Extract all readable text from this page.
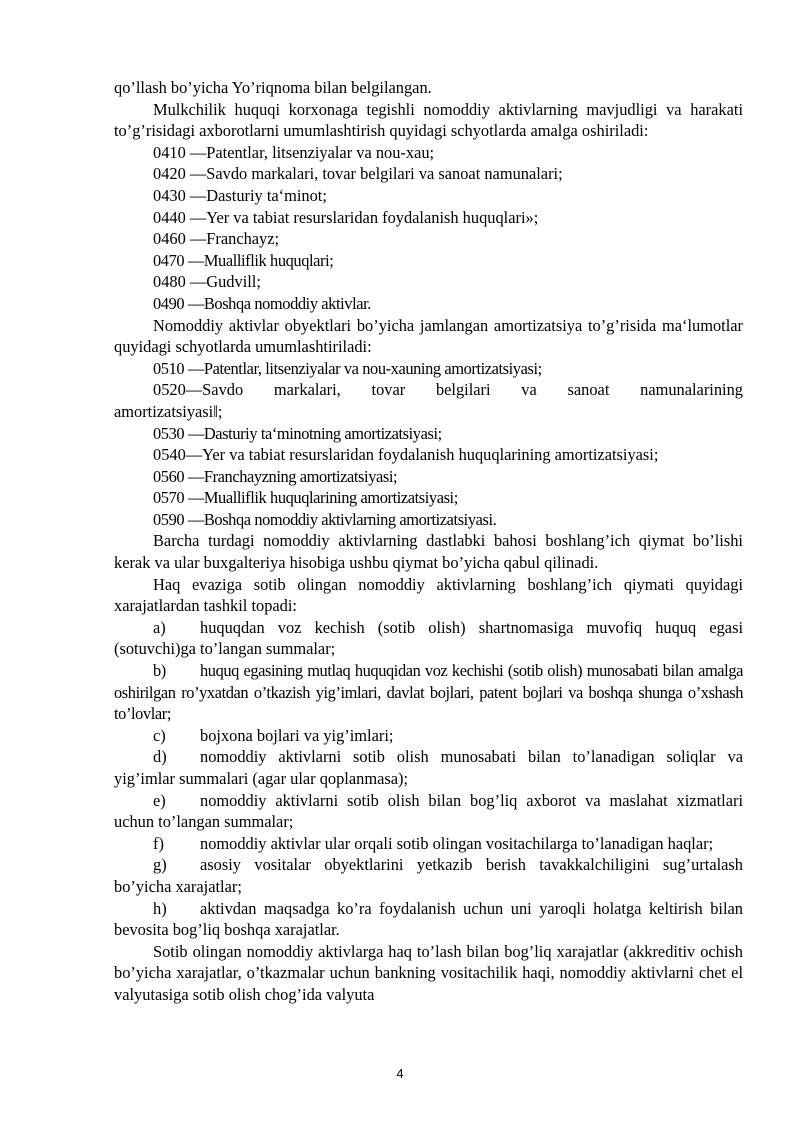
qo’llash bo’yicha Yo’riqnoma bilan belgilangan.

Mulkchilik huquqi korxonaga tegishli nomoddiy aktivlarning mavjudligi va harakati to’g’risidagi axborotlarni umumlashtirish quyidagi schyotlarda amalga oshiriladi:

0410 —Patentlar, litsenziyalar va nou-xau;

0420 —Savdo markalari, tovar belgilari va sanoat namunalari;

0430 —Dasturiy ta‘minot;

0440 —Yer va tabiat resurslaridan foydalanish huquqlari»;

0460 —Franchayz;

0470 —Mualliflik huquqlari;

0480 —Gudvill;

0490 —Boshqa nomoddiy aktivlar.

Nomoddiy aktivlar obyektlari bo’yicha jamlangan amortizatsiya to’g’risida ma‘lumotlar quyidagi schyotlarda umumlashtiriladi:

0510 —Patentlar, litsenziyalar va nou-xauning amortizatsiyasi;

0520—Savdo markalari, tovar belgilari va sanoat namunalarining amortizatsiyasi‖;

0530 —Dasturiy ta‘minotning amortizatsiyasi;

0540—Yer va tabiat resurslaridan foydalanish huquqlarining amortizatsiyasi;

0560 —Franchayzning amortizatsiyasi;

0570 —Mualliflik huquqlarining amortizatsiyasi;

0590 —Boshqa nomoddiy aktivlarning amortizatsiyasi.

Barcha turdagi nomoddiy aktivlarning dastlabki bahosi boshlang’ich qiymat bo’lishi kerak va ular buxgalteriya hisobiga ushbu qiymat bo’yicha qabul qilinadi.

Haq evaziga sotib olingan nomoddiy aktivlarning boshlang’ich qiymati quyidagi xarajatlardan tashkil topadi:

a) huquqdan voz kechish (sotib olish) shartnomasiga muvofiq huquq egasi (sotuvchi)ga to’langan summalar;

b) huquq egasining mutlaq huquqidan voz kechishi (sotib olish) munosabati bilan amalga oshirilgan ro’yxatdan o’tkazish yig’imlari, davlat bojlari, patent bojlari va boshqa shunga o’xshash to’lovlar;

c) bojxona bojlari va yig’imlari;

d) nomoddiy aktivlarni sotib olish munosabati bilan to’lanadigan soliqlar va yig’imlar summalari (agar ular qoplanmasa);

e) nomoddiy aktivlarni sotib olish bilan bog’liq axborot va maslahat xizmatlari uchun to’langan summalar;

f) nomoddiy aktivlar ular orqali sotib olingan vositachilarga to’lanadigan haqlar;

g) asosiy vositalar obyektlarini yetkazib berish tavakkalchiligini sug’urtalash bo’yicha xarajatlar;

h) aktivdan maqsadga ko’ra foydalanish uchun uni yaroqli holatga keltirish bilan bevosita bog’liq boshqa xarajatlar.

Sotib olingan nomoddiy aktivlarga haq to’lash bilan bog’liq xarajatlar (akkreditiv ochish bo’yicha xarajatlar, o’tkazmalar uchun bankning vositachilik haqi, nomoddiy aktivlarni chet el valyutasiga sotib olish chog’ida valyuta

4
